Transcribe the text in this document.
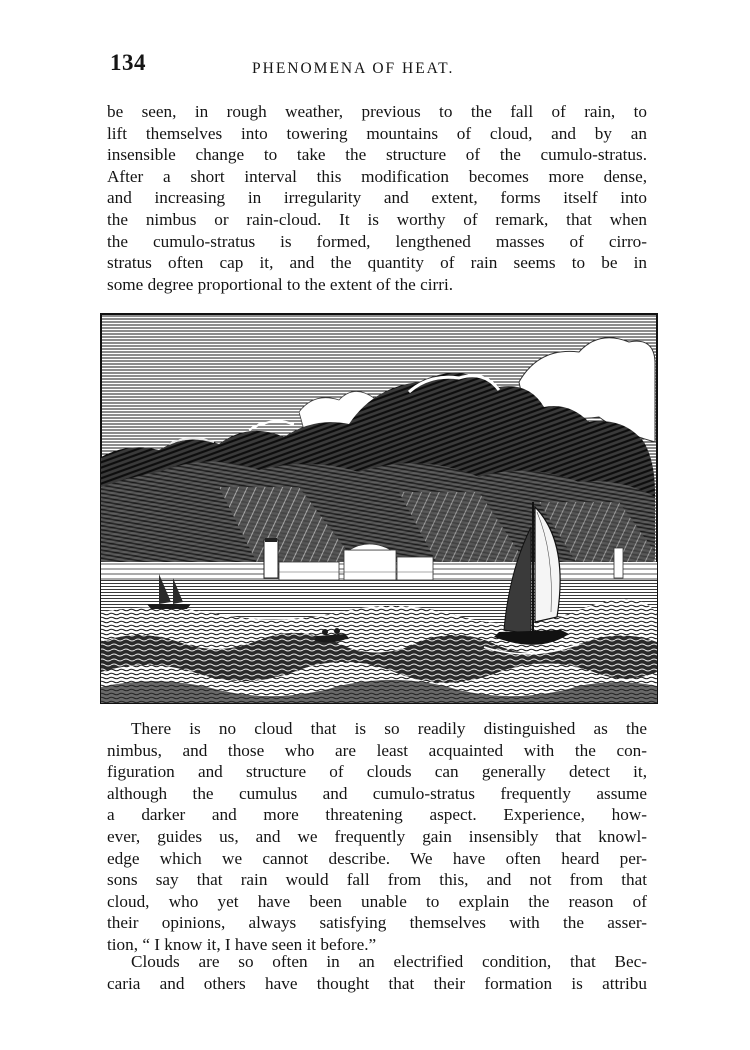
134	PHENOMENA OF HEAT.
be seen, in rough weather, previous to the fall of rain, to
lift themselves into towering mountains of cloud, and by an
insensible change to take the structure of the cumulo-stratus.
After a short interval this modification becomes more dense,
and increasing in irregularity and extent, forms itself into
the nimbus or rain-cloud. It is worthy of remark, that when
the cumulo-stratus is formed, lengthened masses of cirro-
stratus often cap it, and the quantity of rain seems to be in
some degree proportional to the extent of the cirri.
There is no cloud that is so readily distinguished as the
nimbus, and those who are least acquainted with the con-
figuration and structure of clouds can generally detect it,
although the cumulus and cumulo-stratus frequently assume
a darker and more threatening aspect. Experience, how-
ever, guides us, and we frequently gain insensibly that knowl-
edge which we cannot describe. We have often heard per-
sons say that rain would fall from this, and not from that
cloud, who yet have been unable to explain the reason of
their opinions, always satisfying themselves with the asser-
tion, “ I know it, I have seen it before.”
Clouds are so often in an electrified condition, that Bec-
caria and others have thought that their formation is attribu
